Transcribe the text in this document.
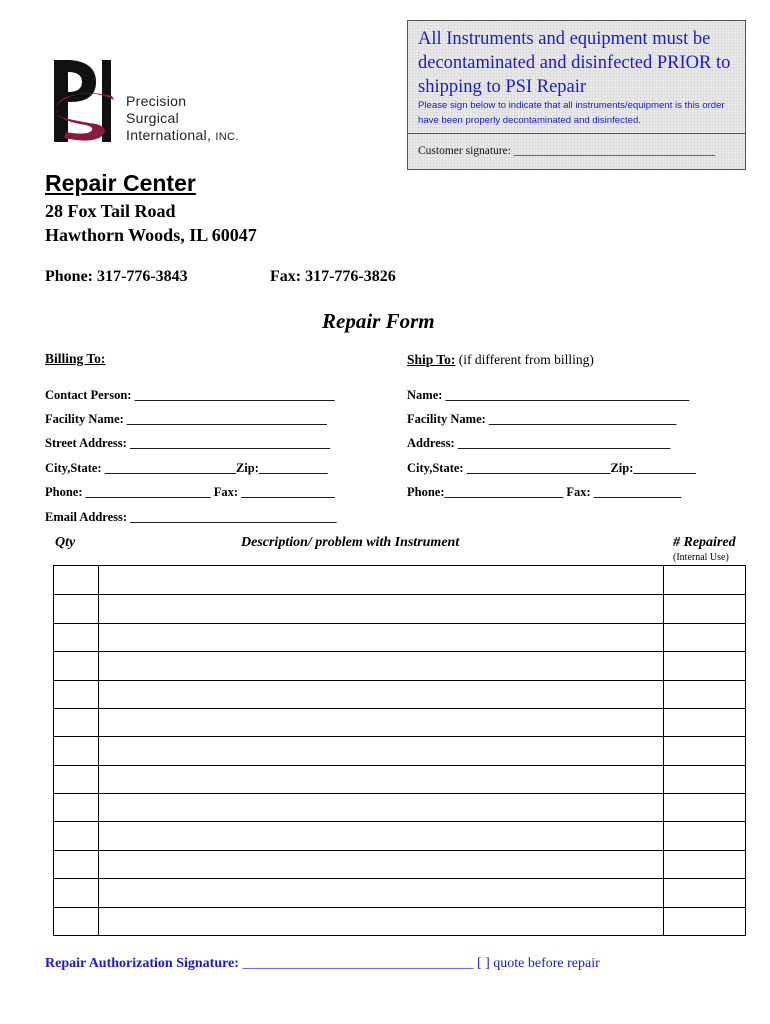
Precision
Surgical
International, INC.
All Instruments and equipment must be decontaminated and disinfected PRIOR to shipping to PSI Repair
Please sign below to indicate that all instruments/equipment is this order have been properly decontaminated and disinfected.
Customer signature: ___________________________________
Repair Center
28 Fox Tail Road
Hawthorn Woods, IL 60047
Phone: 317-776-3843	Fax: 317-776-3826
Repair Form
Billing To:
Contact Person: ________________________________
Facility Name: ________________________________
Street Address: ________________________________
City,State: _____________________Zip:___________
Phone: ____________________ Fax: _______________
Email Address: _________________________________
Ship To: (if different from billing)
Name: _______________________________________
Facility Name: ______________________________
Address: __________________________________
City,State: _______________________Zip:__________
Phone:___________________ Fax: ______________
Qty	Description/ problem with Instrument	# Repaired
(Internal Use)
Repair Authorization Signature: _________________________________ [ ] quote before repair
